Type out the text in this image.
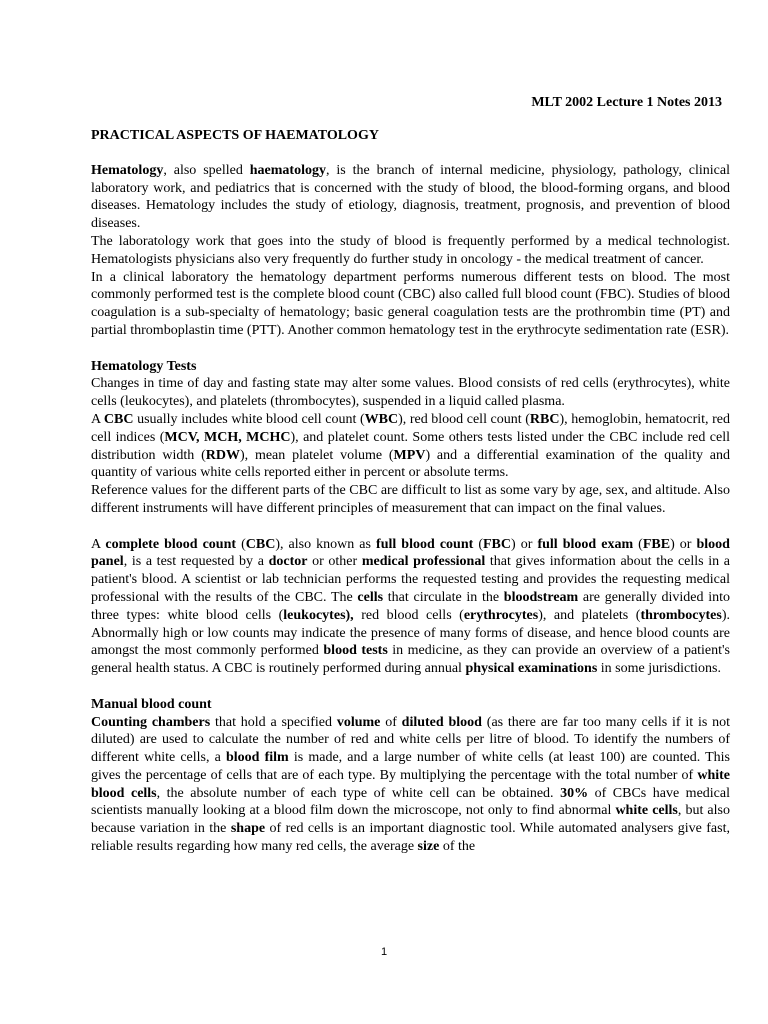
MLT 2002 Lecture 1 Notes 2013
PRACTICAL ASPECTS OF HAEMATOLOGY

Hematology, also spelled haematology, is the branch of internal medicine, physiology, pathology, clinical laboratory work, and pediatrics that is concerned with the study of blood, the blood-forming organs, and blood diseases. Hematology includes the study of etiology, diagnosis, treatment, prognosis, and prevention of blood diseases.

The laboratology work that goes into the study of blood is frequently performed by a medical technologist. Hematologists physicians also very frequently do further study in oncology - the medical treatment of cancer.

In a clinical laboratory the hematology department performs numerous different tests on blood. The most commonly performed test is the complete blood count (CBC) also called full blood count (FBC). Studies of blood coagulation is a sub-specialty of hematology; basic general coagulation tests are the prothrombin time (PT) and partial thromboplastin time (PTT). Another common hematology test in the erythrocyte sedimentation rate (ESR).

Hematology Tests

Changes in time of day and fasting state may alter some values. Blood consists of red cells (erythrocytes), white cells (leukocytes), and platelets (thrombocytes), suspended in a liquid called plasma.

A CBC usually includes white blood cell count (WBC), red blood cell count (RBC), hemoglobin, hematocrit, red cell indices (MCV, MCH, MCHC), and platelet count. Some others tests listed under the CBC include red cell distribution width (RDW), mean platelet volume (MPV) and a differential examination of the quality and quantity of various white cells reported either in percent or absolute terms.

Reference values for the different parts of the CBC are difficult to list as some vary by age, sex, and altitude. Also different instruments will have different principles of measurement that can impact on the final values.

A complete blood count (CBC), also known as full blood count (FBC) or full blood exam (FBE) or blood panel, is a test requested by a doctor or other medical professional that gives information about the cells in a patient's blood. A scientist or lab technician performs the requested testing and provides the requesting medical professional with the results of the CBC. The cells that circulate in the bloodstream are generally divided into three types: white blood cells (leukocytes), red blood cells (erythrocytes), and platelets (thrombocytes). Abnormally high or low counts may indicate the presence of many forms of disease, and hence blood counts are amongst the most commonly performed blood tests in medicine, as they can provide an overview of a patient's general health status. A CBC is routinely performed during annual physical examinations in some jurisdictions.

Manual blood count

Counting chambers that hold a specified volume of diluted blood (as there are far too many cells if it is not diluted) are used to calculate the number of red and white cells per litre of blood. To identify the numbers of different white cells, a blood film is made, and a large number of white cells (at least 100) are counted. This gives the percentage of cells that are of each type. By multiplying the percentage with the total number of white blood cells, the absolute number of each type of white cell can be obtained. 30% of CBCs have medical scientists manually looking at a blood film down the microscope, not only to find abnormal white cells, but also because variation in the shape of red cells is an important diagnostic tool. While automated analysers give fast, reliable results regarding how many red cells, the average size of the

1
